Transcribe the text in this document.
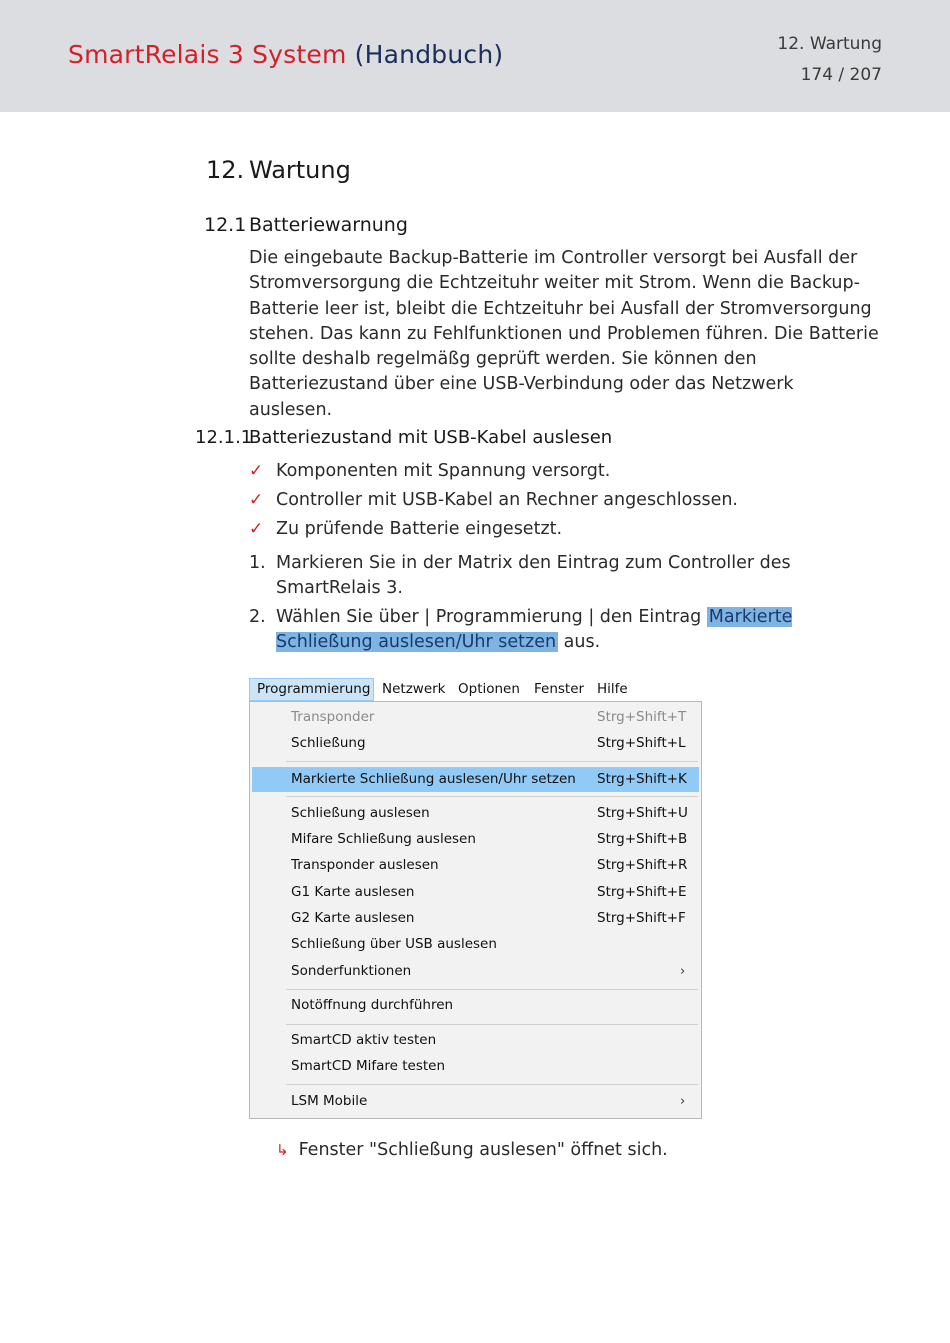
SmartRelais 3 System (Handbuch)	12. Wartung
174 / 207
12. Wartung
12.1 Batteriewarnung
Die eingebaute Backup-Batterie im Controller versorgt bei Ausfall der Stromversorgung die Echtzeituhr weiter mit Strom. Wenn die Backup-Batterie leer ist, bleibt die Echtzeituhr bei Ausfall der Stromversorgung stehen. Das kann zu Fehlfunktionen und Problemen führen. Die Batterie sollte deshalb regelmäßg geprüft werden. Sie können den Batteriezustand über eine USB-Verbindung oder das Netzwerk auslesen.
12.1.1
Batteriezustand mit USB-Kabel auslesen
✓ Komponenten mit Spannung versorgt.
✓ Controller mit USB-Kabel an Rechner angeschlossen.
✓ Zu prüfende Batterie eingesetzt.
1. Markieren Sie in der Matrix den Eintrag zum Controller des SmartRelais 3.
2. Wählen Sie über | Programmierung | den Eintrag Markierte Schließung auslesen/Uhr setzen aus.
Programmierung Netzwerk Optionen Fenster Hilfe
Transponder	Strg+Shift+T
Schließung	Strg+Shift+L
Markierte Schließung auslesen/Uhr setzen Strg+Shift+K
Schließung auslesen	Strg+Shift+U
Mifare Schließung auslesen	Strg+Shift+B
Transponder auslesen	Strg+Shift+R
G1 Karte auslesen	Strg+Shift+E
G2 Karte auslesen	Strg+Shift+F
Schließung über USB auslesen
Sonderfunktionen	›
Notöffnung durchführen
SmartCD aktiv testen
SmartCD Mifare testen
LSM Mobile	›
↳ Fenster "Schließung auslesen" öffnet sich.
